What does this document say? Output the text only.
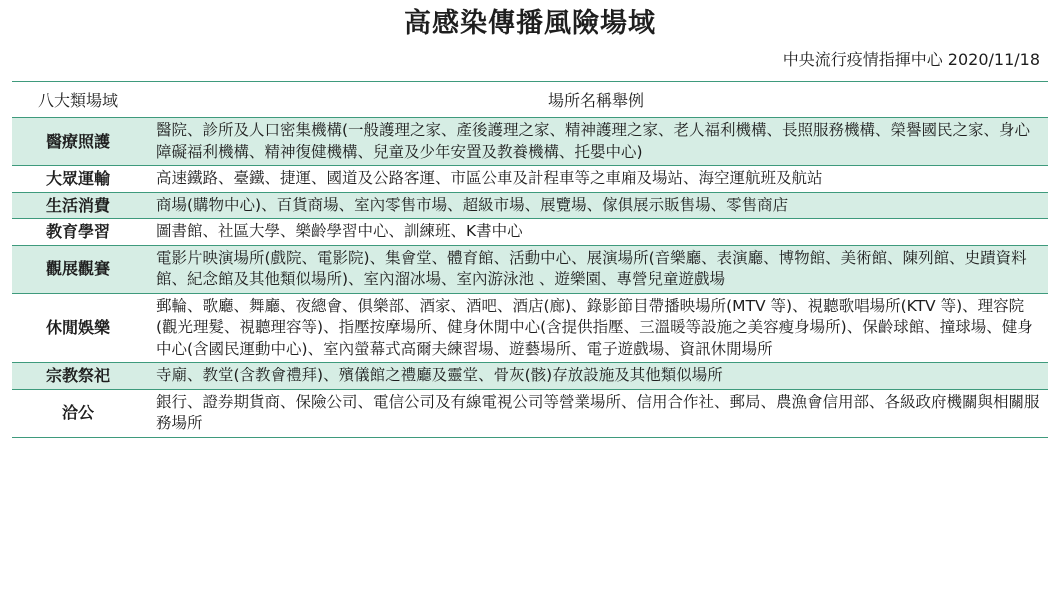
高感染傳播風險場域
中央流行疫情指揮中心 2020/11/18
八大類場域	場所名稱舉例
醫療照護	醫院、診所及人口密集機構(一般護理之家、產後護理之家、精神護理之家、老人福利機構、長照服務機構、榮譽國民之家、身心障礙福利機構、精神復健機構、兒童及少年安置及教養機構、托嬰中心)
大眾運輸	高速鐵路、臺鐵、捷運、國道及公路客運、市區公車及計程車等之車廂及場站、海空運航班及航站
生活消費	商場(購物中心)、百貨商場、室內零售市場、超級市場、展覽場、傢俱展示販售場、零售商店
教育學習	圖書館、社區大學、樂齡學習中心、訓練班、K書中心
觀展觀賽	電影片映演場所(戲院、電影院)、集會堂、體育館、活動中心、展演場所(音樂廳、表演廳、博物館、美術館、陳列館、史蹟資料館、紀念館及其他類似場所)、室內溜冰場、室內游泳池 、遊樂園、專營兒童遊戲場
休閒娛樂	郵輪、歌廳、舞廳、夜總會、俱樂部、酒家、酒吧、酒店(廊)、錄影節目帶播映場所(MTV 等)、視聽歌唱場所(KTV 等)、理容院(觀光理髮、視聽理容等)、指壓按摩場所、健身休閒中心(含提供指壓、三溫暖等設施之美容瘦身場所)、保齡球館、撞球場、健身中心(含國民運動中心)、室內螢幕式高爾夫練習場、遊藝場所、電子遊戲場、資訊休閒場所
宗教祭祀	寺廟、教堂(含教會禮拜)、殯儀館之禮廳及靈堂、骨灰(骸)存放設施及其他類似場所
洽公	銀行、證券期貨商、保險公司、電信公司及有線電視公司等營業場所、信用合作社、郵局、農漁會信用部、各級政府機關與相關服務場所
